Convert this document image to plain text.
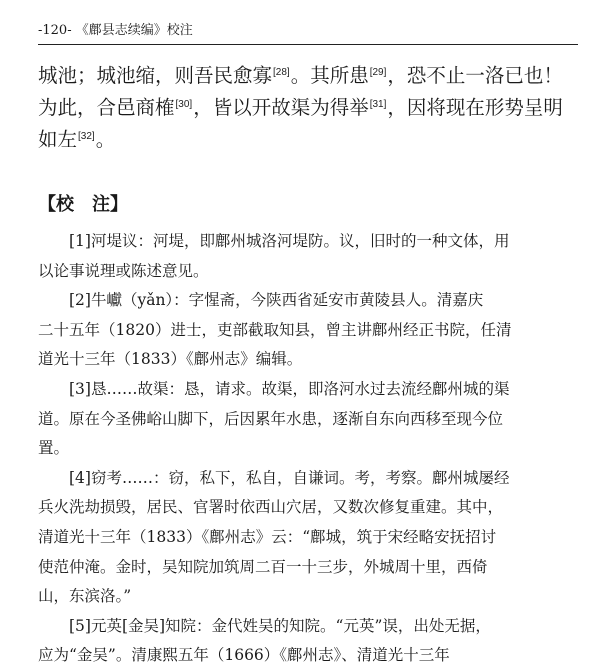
-120- 《鄜县志续编》校注
城池；城池缩，则吾民愈寡[28]。其所患[29]，恐不止一洛已也！
为此，合邑商榷[30]，皆以开故渠为得举[31]，因将现在形势呈明
如左[32]。
【校　注】
[1]河堤议：河堤，即鄜州城洛河堤防。议，旧时的一种文体，用
以论事说理或陈述意见。
[2]牛巘（yǎn）：字惺斋，今陕西省延安市黄陵县人。清嘉庆
二十五年（1820）进士，吏部截取知县，曾主讲鄜州经正书院，任清
道光十三年（1833）《鄜州志》编辑。
[3]恳……故渠：恳，请求。故渠，即洛河水过去流经鄜州城的渠
道。原在今圣佛峪山脚下，后因累年水患，逐渐自东向西移至现今位
置。
[4]窃考……：窃，私下，私自，自谦词。考，考察。鄜州城屡经
兵火洗劫损毁，居民、官署时依西山穴居，又数次修复重建。其中，
清道光十三年（1833）《鄜州志》云：“鄜城，筑于宋经略安抚招讨
使范仲淹。金时，吴知院加筑周二百一十三步，外城周十里，西倚
山，东滨洛。”
[5]元英[金吴]知院：金代姓吴的知院。“元英”误，出处无据，
应为“金吴”。清康熙五年（1666）《鄜州志》、清道光十三年
